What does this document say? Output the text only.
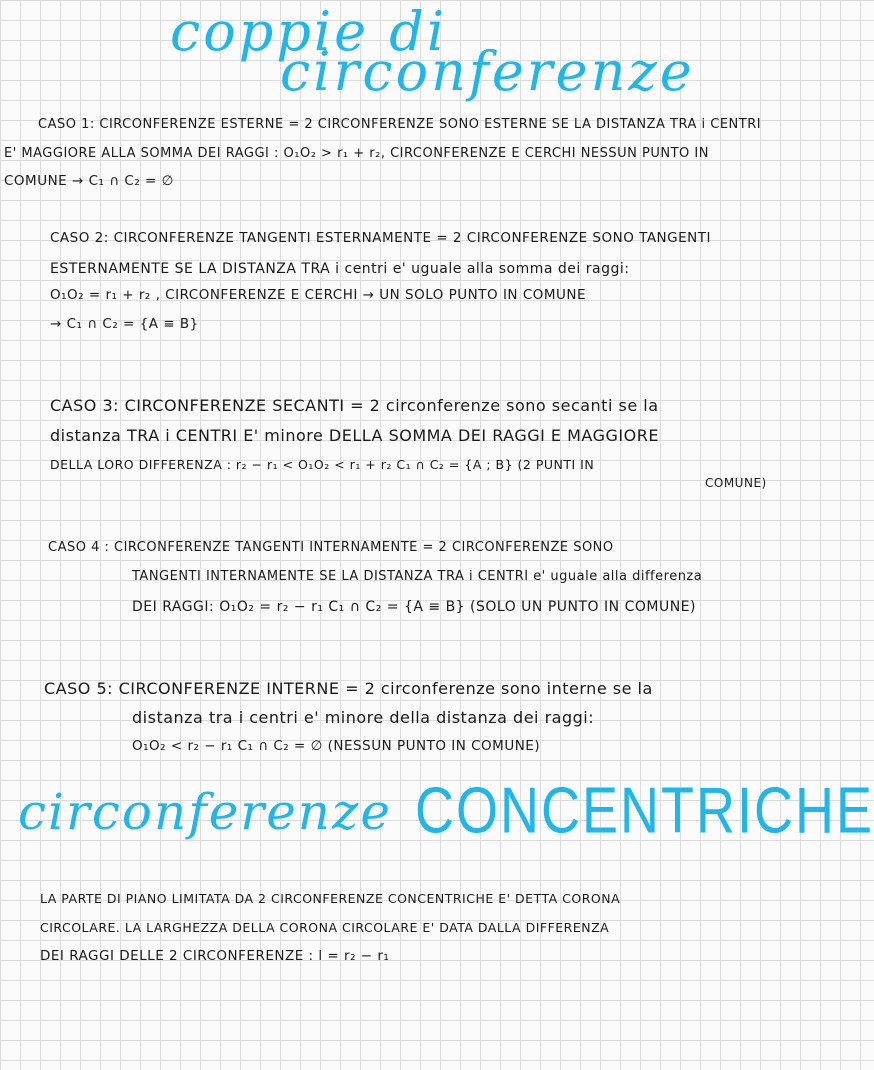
coppie di
circonferenze
CASO 1: CIRCONFERENZE ESTERNE = 2 CIRCONFERENZE SONO ESTERNE SE LA DISTANZA TRA i CENTRI
E' MAGGIORE ALLA SOMMA DEI RAGGI : O₁O₂ > r₁ + r₂, CIRCONFERENZE E CERCHI NESSUN PUNTO IN
COMUNE → C₁ ∩ C₂ = ∅
CASO 2: CIRCONFERENZE TANGENTI ESTERNAMENTE = 2 CIRCONFERENZE SONO TANGENTI
ESTERNAMENTE SE LA DISTANZA TRA i centri e' uguale alla somma dei raggi:
O₁O₂ = r₁ + r₂ , CIRCONFERENZE E CERCHI → UN SOLO PUNTO IN COMUNE
→ C₁ ∩ C₂ = {A ≡ B}
CASO 3: CIRCONFERENZE SECANTI = 2 circonferenze sono secanti se la
distanza TRA i CENTRI E' minore DELLA SOMMA DEI RAGGI E MAGGIORE
DELLA LORO DIFFERENZA : r₂ − r₁ < O₁O₂ < r₁ + r₂ C₁ ∩ C₂ = {A ; B} (2 PUNTI IN
COMUNE)
CASO 4 : CIRCONFERENZE TANGENTI INTERNAMENTE = 2 CIRCONFERENZE SONO
TANGENTI INTERNAMENTE SE LA DISTANZA TRA i CENTRI e' uguale alla differenza
DEI RAGGI: O₁O₂ = r₂ − r₁ C₁ ∩ C₂ = {A ≡ B} (SOLO UN PUNTO IN COMUNE)
CASO 5: CIRCONFERENZE INTERNE = 2 circonferenze sono interne se la
distanza tra i centri e' minore della distanza dei raggi:
O₁O₂ < r₂ − r₁ C₁ ∩ C₂ = ∅ (NESSUN PUNTO IN COMUNE)
circonferenze CONCENTRICHE
LA PARTE DI PIANO LIMITATA DA 2 CIRCONFERENZE CONCENTRICHE E' DETTA CORONA
CIRCOLARE. LA LARGHEZZA DELLA CORONA CIRCOLARE E' DATA DALLA DIFFERENZA
DEI RAGGI DELLE 2 CIRCONFERENZE : l = r₂ − r₁
